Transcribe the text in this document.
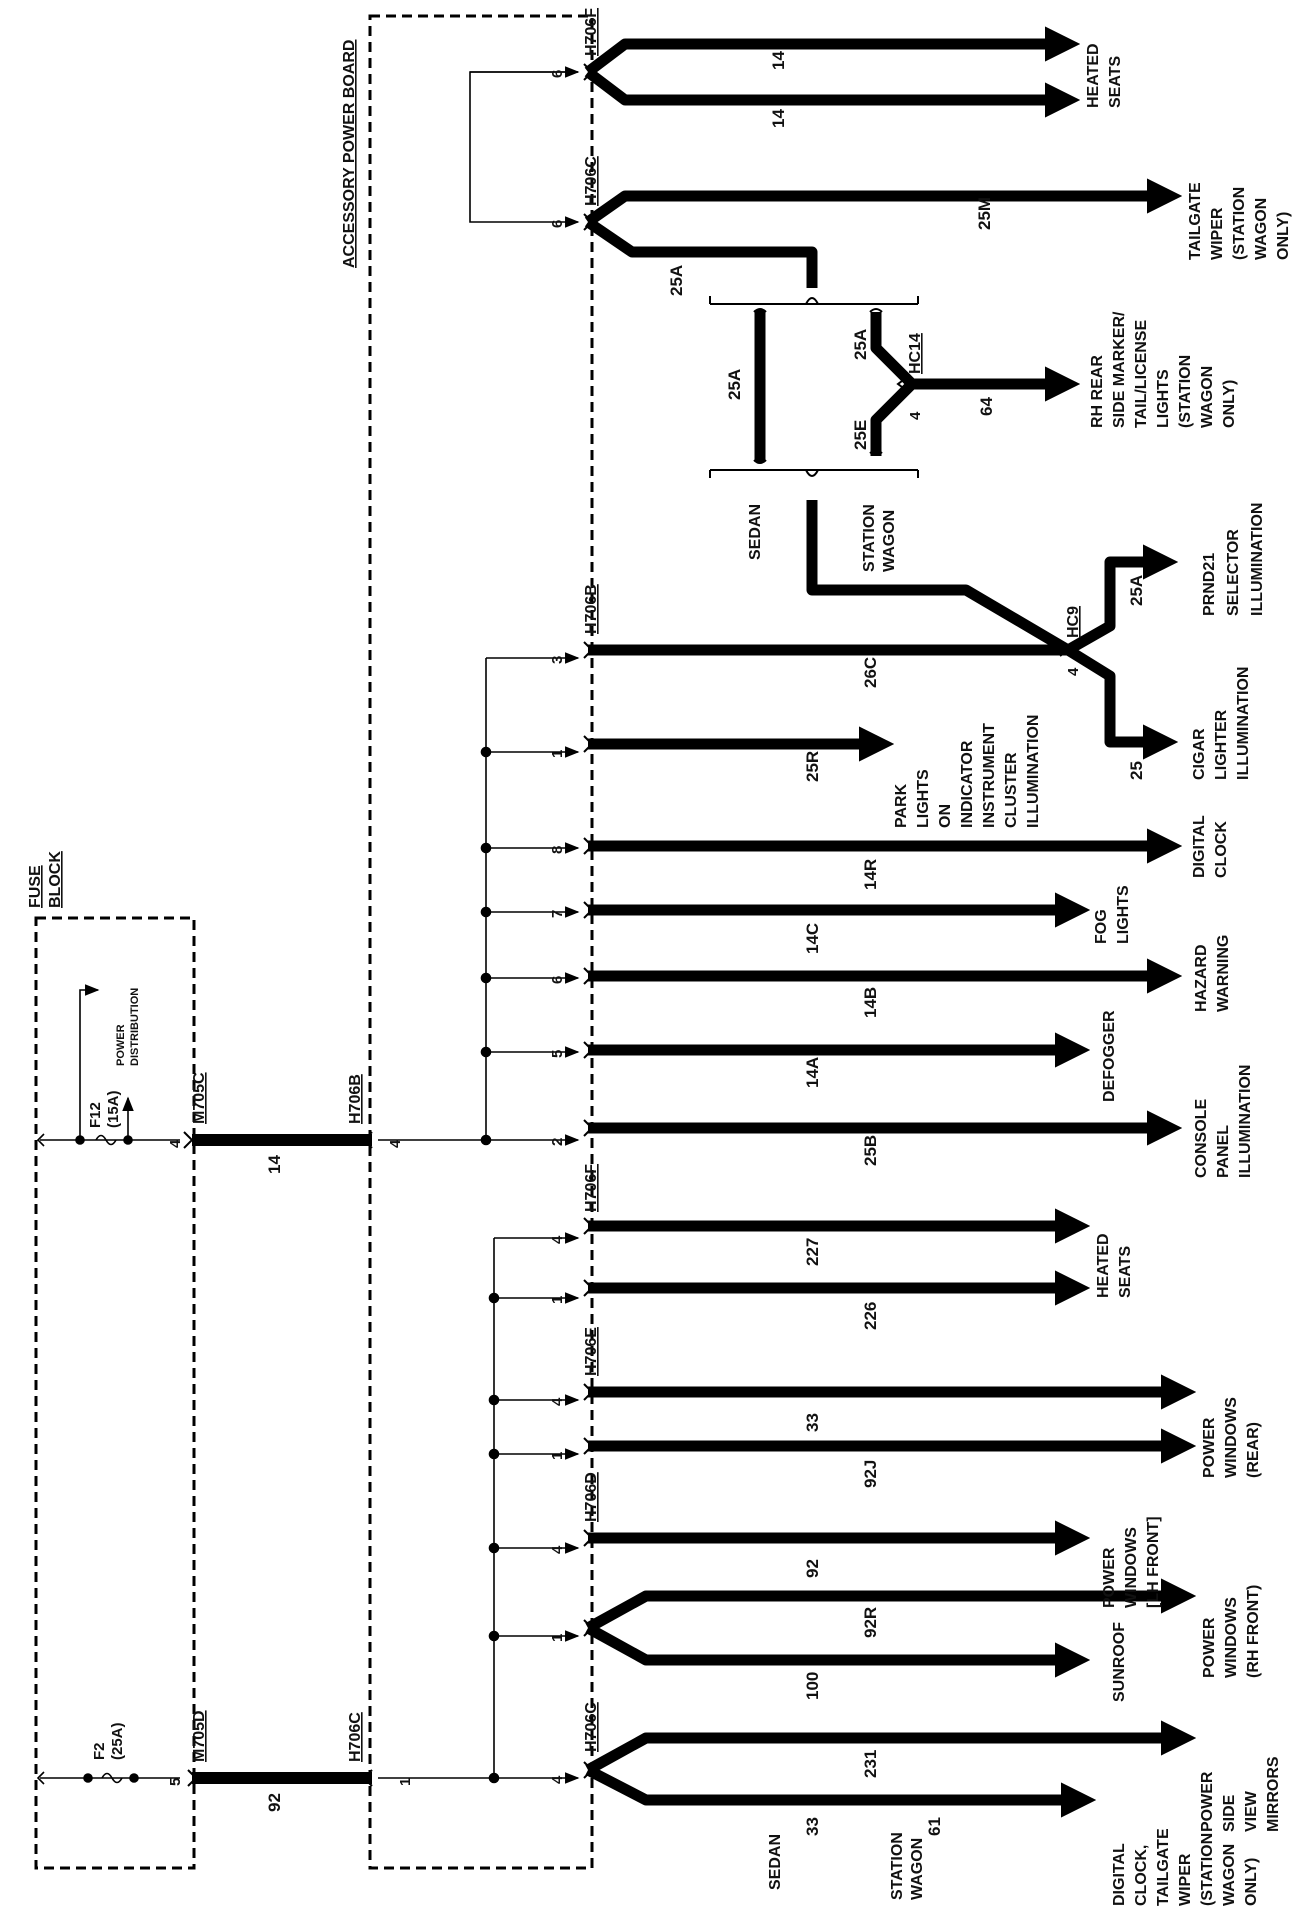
FUSE BLOCK
ACCESSORY POWER BOARD
F12 (15A)
POWER DISTRIBUTION
F2 (25A)
M705C
M705D
H706B
H706C
H706F
H706C
H706B
H706F
H706E
H706D
H706C
HC9
HC14
4
5
4
1
6
6
3
1
8
7
6
5
2
4
1
4
1
4
1
4
4
4
14
14
25M
25A
25A
25A
25E
64
26C
25A
25
25R
14R
14C
14B
14A
25B
227
226
33
92J
92
92R
100
231
33	61
14
92
SEDAN	STATION WAGON
SEDAN	STATION WAGON
HEATED SEATS
TAILGATE WIPER (STATION WAGON ONLY)
RH REAR SIDE MARKER/ TAIL/LICENSE LIGHTS (STATION WAGON ONLY)
PRND21 SELECTOR ILLUMINATION
CIGAR LIGHTER ILLUMINATION
PARK LIGHTS ON INDICATOR INSTRUMENT CLUSTER ILLUMINATION
DIGITAL CLOCK
FOG LIGHTS
HAZARD WARNING
DEFOGGER
CONSOLE PANEL ILLUMINATION
HEATED SEATS
POWER WINDOWS (REAR)
POWER WINDOWS [LH FRONT]
POWER WINDOWS (RH FRONT)
SUNROOF
POWER SIDE VIEW MIRRORS
DIGITAL CLOCK, TAILGATE WIPER (STATION WAGON ONLY)
